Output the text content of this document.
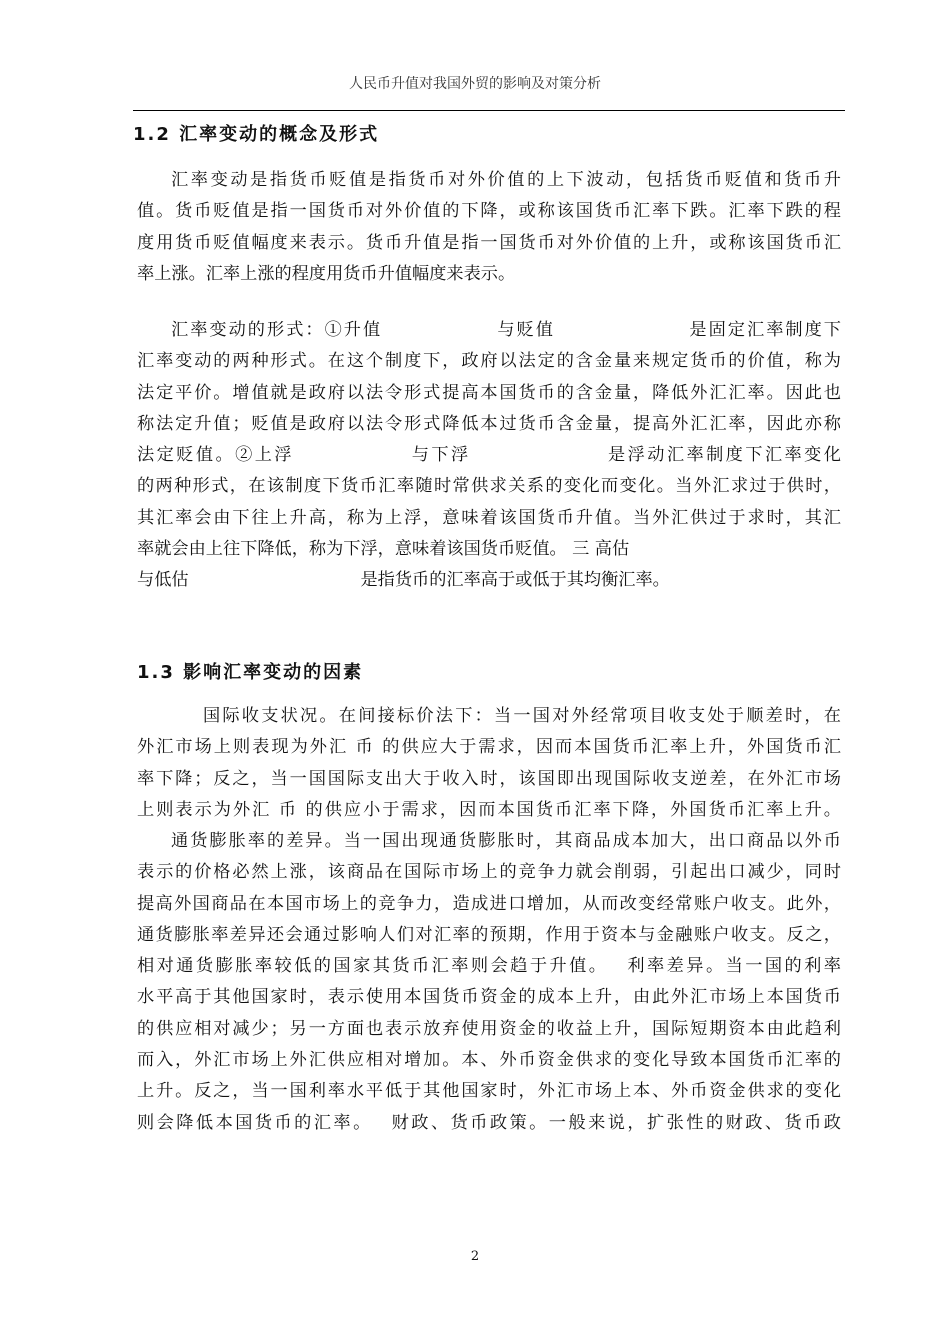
人民币升值对我国外贸的影响及对策分析
1.2 汇率变动的概念及形式

汇率变动是指货币贬值是指货币对外价值的上下波动，包括货币贬值和货币升
值。货币贬值是指一国货币对外价值的下降，或称该国货币汇率下跌。汇率下跌的程
度用货币贬值幅度来表示。货币升值是指一国货币对外价值的上升，或称该国货币汇
率上涨。汇率上涨的程度用货币升值幅度来表示。

汇率变动的形式：①升值　　　　　　与贬值　　　　　　　是固定汇率制度下
汇率变动的两种形式。在这个制度下，政府以法定的含金量来规定货币的价值，称为
法定平价。增值就是政府以法令形式提高本国货币的含金量，降低外汇汇率。因此也
称法定升值；贬值是政府以法令形式降低本过货币含金量，提高外汇汇率，因此亦称
法定贬值。②上浮　　　　　　与下浮　　　　　　　是浮动汇率制度下汇率变化
的两种形式，在该制度下货币汇率随时常供求关系的变化而变化。当外汇求过于供时，
其汇率会由下往上升高，称为上浮，意味着该国货币升值。当外汇供过于求时，其汇
率就会由上往下降低，称为下浮，意味着该国货币贬值。 三 高估
与低估　　　　　　　　　　是指货币的汇率高于或低于其均衡汇率。

1.3 影响汇率变动的因素

国际收支状况。在间接标价法下：当一国对外经常项目收支处于顺差时，在
外汇市场上则表现为外汇 币 的供应大于需求，因而本国货币汇率上升，外国货币汇
率下降；反之，当一国国际支出大于收入时，该国即出现国际收支逆差，在外汇市场
上则表示为外汇 币 的供应小于需求，因而本国货币汇率下降，外国货币汇率上升。

通货膨胀率的差异。当一国出现通货膨胀时，其商品成本加大，出口商品以外币
表示的价格必然上涨，该商品在国际市场上的竞争力就会削弱，引起出口减少，同时
提高外国商品在本国市场上的竞争力，造成进口增加，从而改变经常账户收支。此外，
通货膨胀率差异还会通过影响人们对汇率的预期，作用于资本与金融账户收支。反之，
相对通货膨胀率较低的国家其货币汇率则会趋于升值。　 利率差异。当一国的利率
水平高于其他国家时，表示使用本国货币资金的成本上升，由此外汇市场上本国货币
的供应相对减少；另一方面也表示放弃使用资金的收益上升，国际短期资本由此趋利
而入，外汇市场上外汇供应相对增加。本、外币资金供求的变化导致本国货币汇率的
上升。反之，当一国利率水平低于其他国家时，外汇市场上本、外币资金供求的变化
则会降低本国货币的汇率。　 财政、货币政策。一般来说，扩张性的财政、货币政

2
